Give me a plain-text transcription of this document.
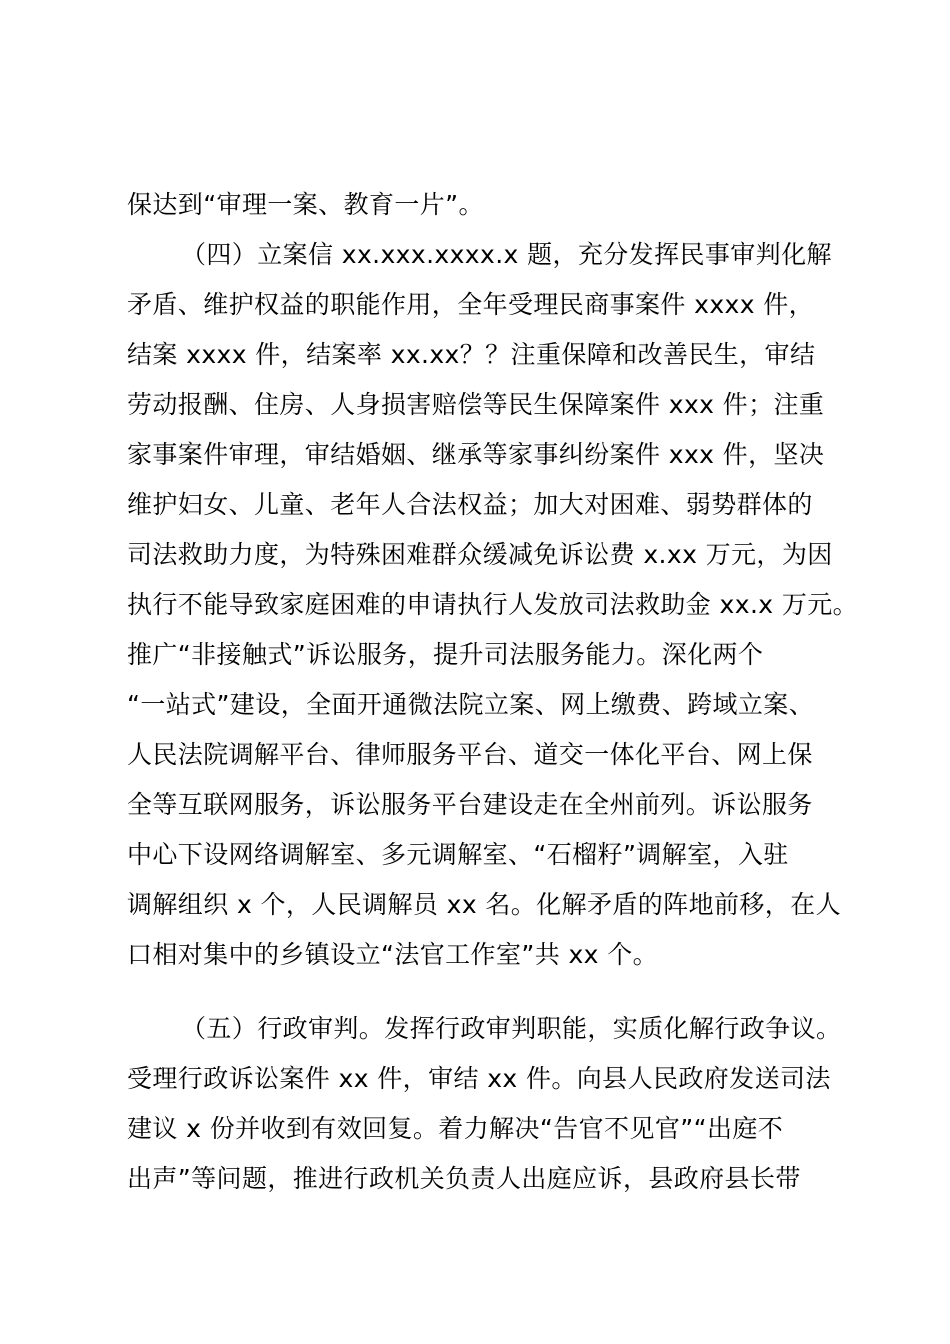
保达到“审理一案、教育一片”。
（四）立案信 xx.xxx.xxxx.x 题，充分发挥民事审判化解
矛盾、维护权益的职能作用，全年受理民商事案件 xxxx 件，
结案 xxxx 件，结案率 xx.xx？？注重保障和改善民生，审结
劳动报酬、住房、人身损害赔偿等民生保障案件 xxx 件；注重
家事案件审理，审结婚姻、继承等家事纠纷案件 xxx 件，坚决
维护妇女、儿童、老年人合法权益；加大对困难、弱势群体的
司法救助力度，为特殊困难群众缓减免诉讼费 x.xx 万元，为因
执行不能导致家庭困难的申请执行人发放司法救助金 xx.x 万元。
推广“非接触式”诉讼服务，提升司法服务能力。深化两个
“一站式”建设，全面开通微法院立案、网上缴费、跨域立案、
人民法院调解平台、律师服务平台、道交一体化平台、网上保
全等互联网服务，诉讼服务平台建设走在全州前列。诉讼服务
中心下设网络调解室、多元调解室、“石榴籽”调解室，入驻
调解组织 x 个，人民调解员 xx 名。化解矛盾的阵地前移，在人
口相对集中的乡镇设立“法官工作室”共 xx 个。
（五）行政审判。发挥行政审判职能，实质化解行政争议。
受理行政诉讼案件 xx 件，审结 xx 件。向县人民政府发送司法
建议 x 份并收到有效回复。着力解决“告官不见官”“出庭不
出声”等问题，推进行政机关负责人出庭应诉，县政府县长带
